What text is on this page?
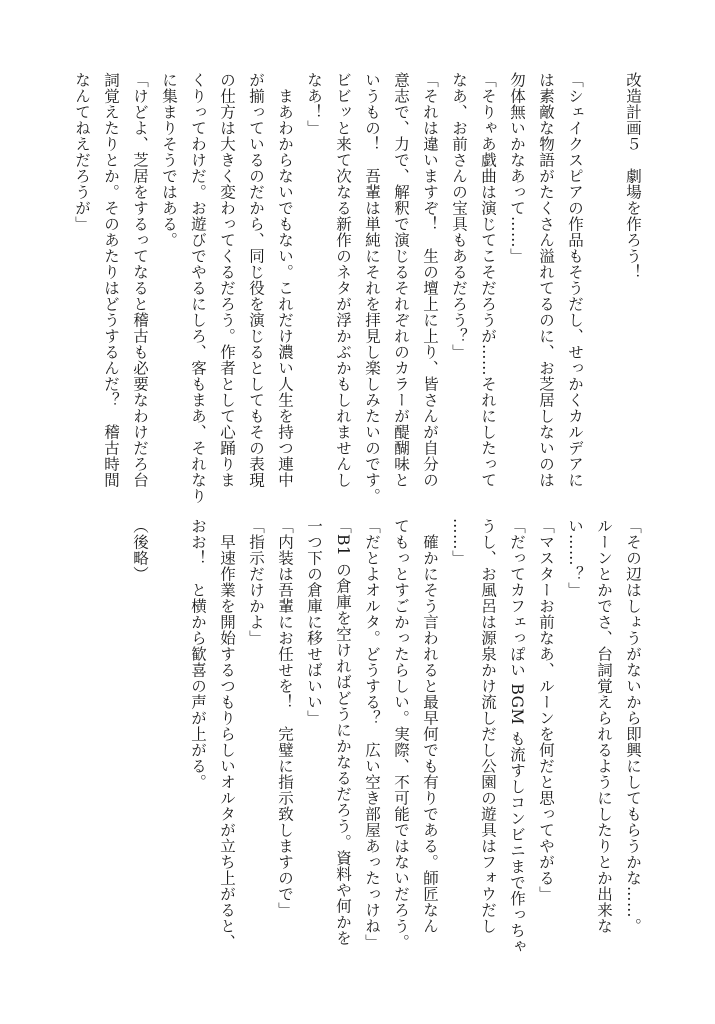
改造計画５　劇場を作ろう！

「シェイクスピアの作品もそうだし、せっかくカルデアに
は素敵な物語がたくさん溢れてるのに、お芝居しないのは
勿体無いかなあって……」
「そりゃあ戯曲は演じてこそだろうが……それにしたって
なあ、お前さんの宝具もあるだろう？」
「それは違いますぞ！　生の壇上に上り、皆さんが自分の
意志で、力で、解釈で演じるそれぞれのカラーが醍醐味と
いうもの！　吾輩は単純にそれを拝見し楽しみたいのです。
ビビッと来て次なる新作のネタが浮かぶかもしれませんし
なあ！」
　まあわからないでもない。これだけ濃い人生を持つ連中
が揃っているのだから、同じ役を演じるとしてもその表現
の仕方は大きく変わってくるだろう。作者として心踊りま
くりってわけだ。お遊びでやるにしろ、客もまあ、それなり
に集まりそうではある。
「けどよ、芝居をするってなると稽古も必要なわけだろ台
詞覚えたりとか。そのあたりはどうするんだ？　稽古時間
なんてねえだろうが」
「その辺はしょうがないから即興にしてもらうかな……。
ルーンとかでさ、台詞覚えられるようにしたりとか出来な
い……？」
「マスターお前なあ、ルーンを何だと思ってやがる」
「だってカフェっぽい BGM も流すしコンビニまで作っちゃ
うし、お風呂は源泉かけ流しだし公園の遊具はフォウだし
……」
　確かにそう言われると最早何でも有りである。師匠なん
てもっとすごかったらしい。実際、不可能ではないだろう。
「だとよオルタ。どうする？　広い空き部屋あったっけね」
「B1 の倉庫を空ければどうにかなるだろう。資料や何かを
一つ下の倉庫に移せばいい」
「内装は吾輩にお任せを！　完璧に指示致しますので」
「指示だけかよ」
　早速作業を開始するつもりらしいオルタが立ち上がると、
おお！　と横から歓喜の声が上がる。

（後略）
